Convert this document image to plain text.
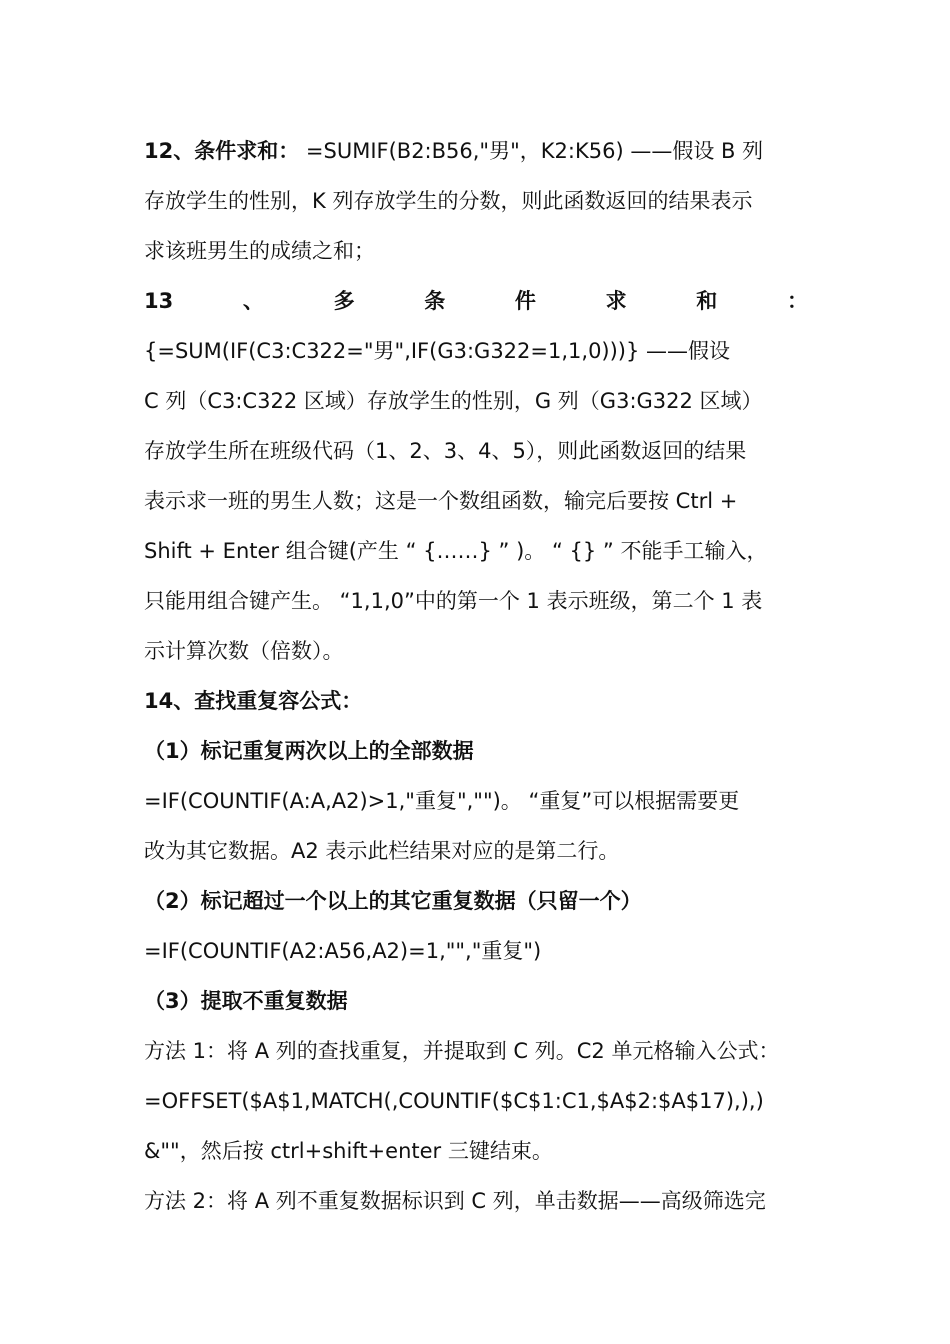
12、条件求和： =SUMIF(B2:B56,"男"，K2:K56) ——假设 B 列
存放学生的性别，K 列存放学生的分数，则此函数返回的结果表示
求该班男生的成绩之和；
13	、	多	条	件	求	和	：
{=SUM(IF(C3:C322="男",IF(G3:G322=1,1,0)))} ——假设
C 列（C3:C322 区域）存放学生的性别，G 列（G3:G322 区域）
存放学生所在班级代码（1、2、3、4、5），则此函数返回的结果
表示求一班的男生人数；这是一个数组函数，输完后要按 Ctrl +
Shift + Enter 组合键(产生 “ {……} ” )。 “ {} ” 不能手工输入，
只能用组合键产生。 “1,1,0”中的第一个 1 表示班级，第二个 1 表
示计算次数（倍数）。
14、查找重复容公式：
（1）标记重复两次以上的全部数据
=IF(COUNTIF(A:A,A2)>1,"重复","")。 “重复”可以根据需要更
改为其它数据。A2 表示此栏结果对应的是第二行。
（2）标记超过一个以上的其它重复数据（只留一个）
=IF(COUNTIF(A2:A56,A2)=1,"","重复")
（3）提取不重复数据
方法 1：将 A 列的查找重复，并提取到 C 列。C2 单元格输入公式：
=OFFSET($A$1,MATCH(,COUNTIF($C$1:C1,$A$2:$A$17),),)
&""，然后按 ctrl+shift+enter 三键结束。
方法 2：将 A 列不重复数据标识到 C 列，单击数据——高级筛选完
